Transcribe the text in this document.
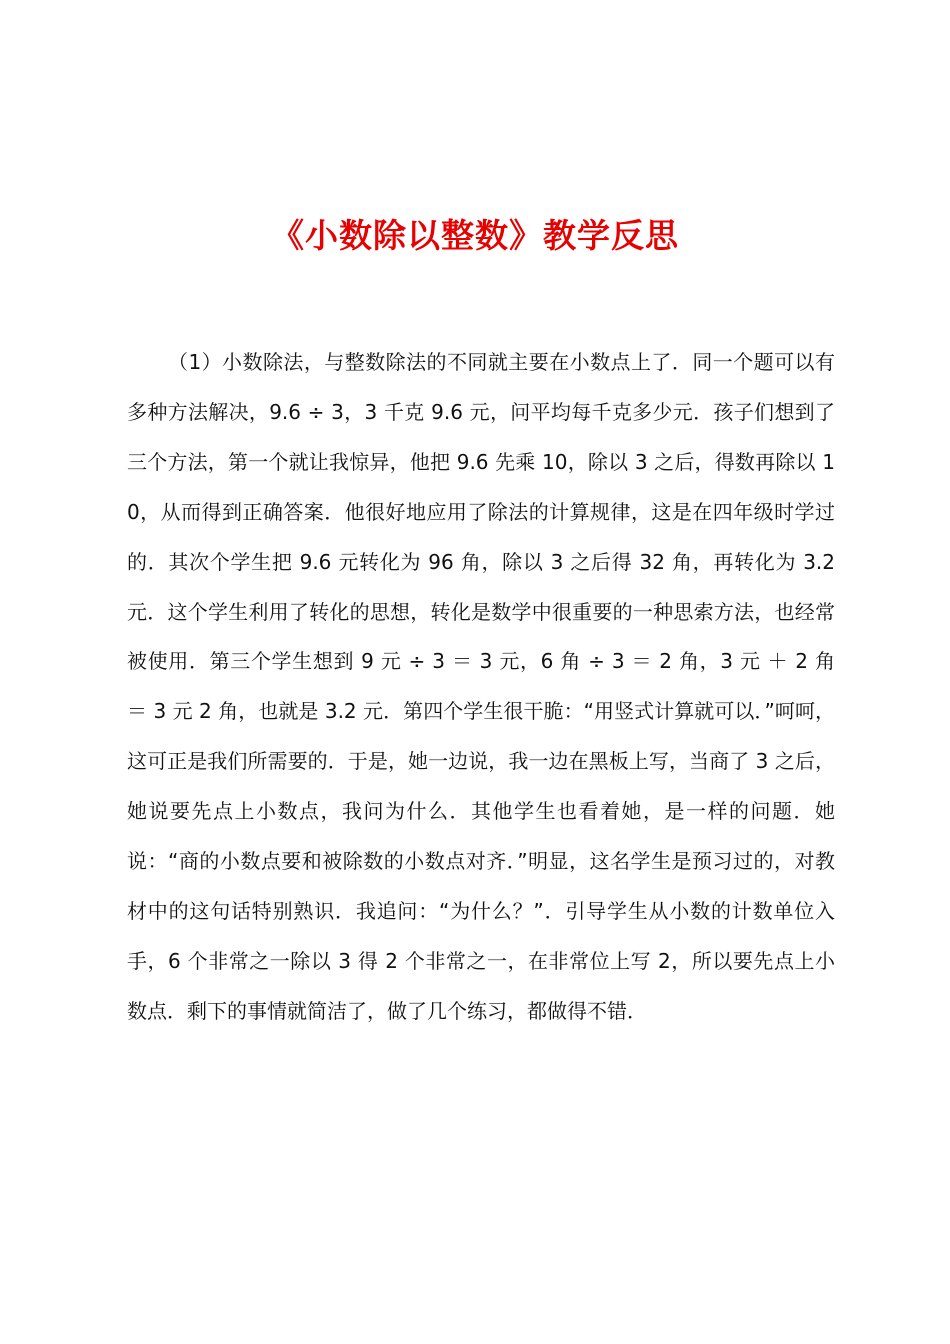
《小数除以整数》教学反思

（1）小数除法，与整数除法的不同就主要在小数点上了．同一个题可以有多种方法解决，9.6 ÷ 3，3 千克 9.6 元，问平均每千克多少元．孩子们想到了三个方法，第一个就让我惊异，他把 9.6 先乘 10，除以 3 之后，得数再除以 10，从而得到正确答案．他很好地应用了除法的计算规律，这是在四年级时学过的．其次个学生把 9.6 元转化为 96 角，除以 3 之后得 32 角，再转化为 3.2 元．这个学生利用了转化的思想，转化是数学中很重要的一种思索方法，也经常被使用．第三个学生想到 9 元 ÷ 3 ＝ 3 元，6 角 ÷ 3 ＝ 2 角，3 元 ＋ 2 角 ＝ 3 元 2 角，也就是 3.2 元．第四个学生很干脆：“用竖式计算就可以．”呵呵，这可正是我们所需要的．于是，她一边说，我一边在黑板上写，当商了 3 之后，她说要先点上小数点，我问为什么．其他学生也看着她，是一样的问题．她说：“商的小数点要和被除数的小数点对齐．”明显，这名学生是预习过的，对教材中的这句话特别熟识．我追问：“为什么？”．引导学生从小数的计数单位入手，6 个非常之一除以 3 得 2 个非常之一，在非常位上写 2，所以要先点上小数点．剩下的事情就简洁了，做了几个练习，都做得不错．
